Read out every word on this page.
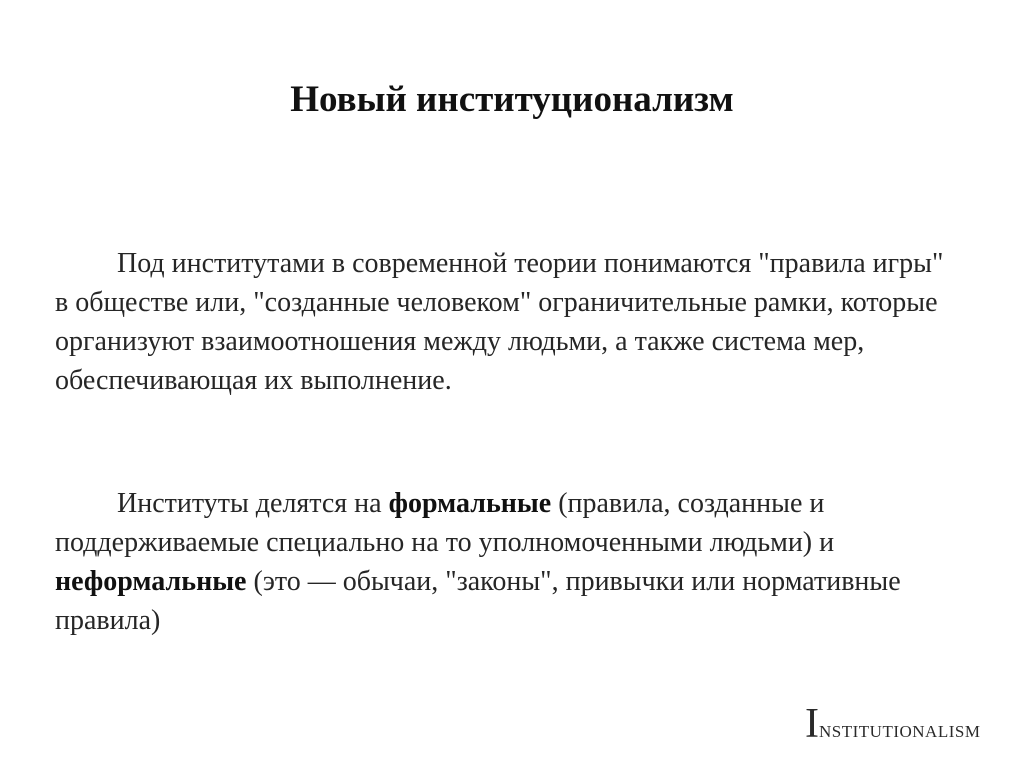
Новый институционализм

Под институтами в современной теории понимаются "правила игры" в обществе или, "созданные человеком" ограничительные рамки, которые организуют взаимоотношения между людьми, а также система мер, обеспечивающая их выполнение.

Институты делятся на формальные (правила, созданные и поддерживаемые специально на то уполномоченными людьми) и неформальные (это — обычаи, "законы", привычки или нормативные правила)

INSTITUTIONALISM
